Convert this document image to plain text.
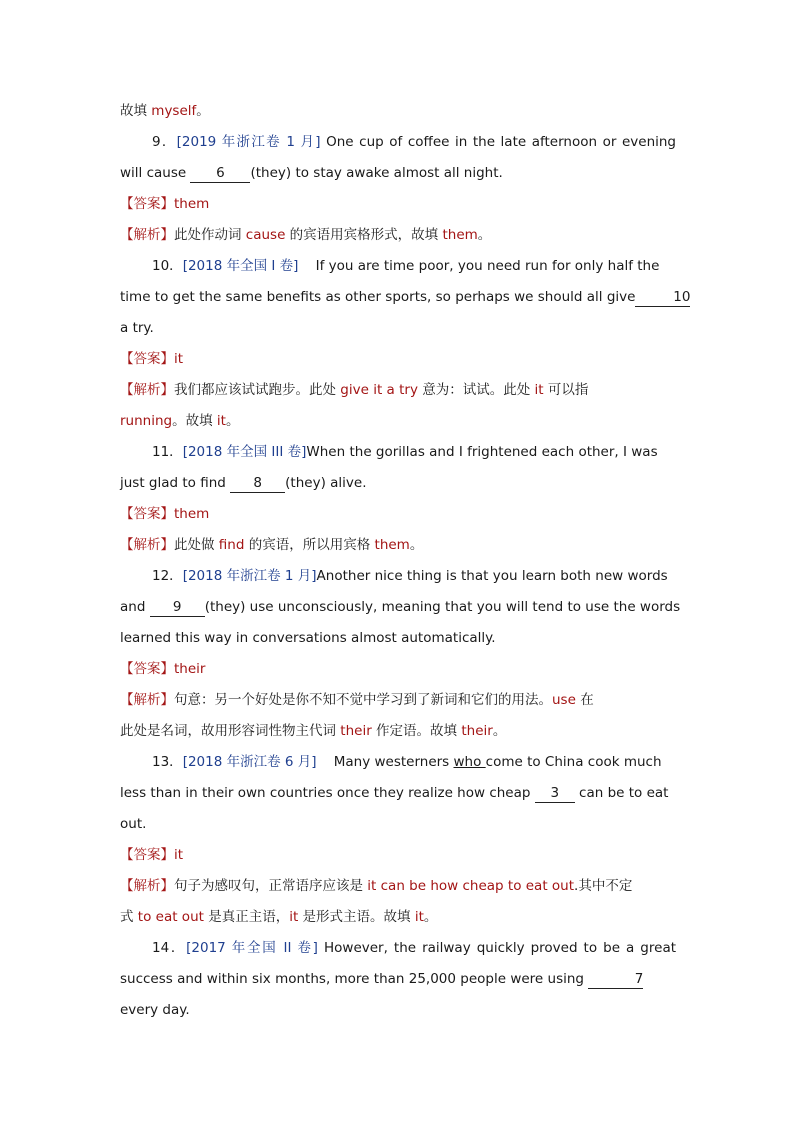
故填 myself。
9．[2019 年浙江卷 1 月] One cup of coffee in the late afternoon or evening
will cause 6 (they) to stay awake almost all night.
【答案】them
【解析】此处作动词 cause 的宾语用宾格形式，故填 them。
10．[2018 年全国 I 卷]    If you are time poor, you need run for only half the
time to get the same benefits as other sports, so perhaps we should all give	10
a try.
【答案】it
【解析】我们都应该试试跑步。此处 give it a try 意为：试试。此处 it 可以指
running。故填 it。
11．[2018 年全国 III 卷]When the gorillas and I frightened each other, I was
just glad to find 8 (they) alive.
【答案】them
【解析】此处做 find 的宾语，所以用宾格 them。
12．[2018 年浙江卷 1 月]Another nice thing is that you learn both new words
and 9 (they) use unconsciously, meaning that you will tend to use the words
learned this way in conversations almost automatically.
【答案】their
【解析】句意：另一个好处是你不知不觉中学习到了新词和它们的用法。use 在
此处是名词，故用形容词性物主代词 their 作定语。故填 their。
13．[2018 年浙江卷 6 月]    Many westerners who come to China cook much
less than in their own countries once they realize how cheap 3 can be to eat
out.
【答案】it
【解析】句子为感叹句，正常语序应该是 it can be how cheap to eat out.其中不定
式 to eat out 是真正主语，it 是形式主语。故填 it。
14．[2017 年全国 II 卷] However, the railway quickly proved to be a great
success and within six months, more than 25,000 people were using	7
every day.
